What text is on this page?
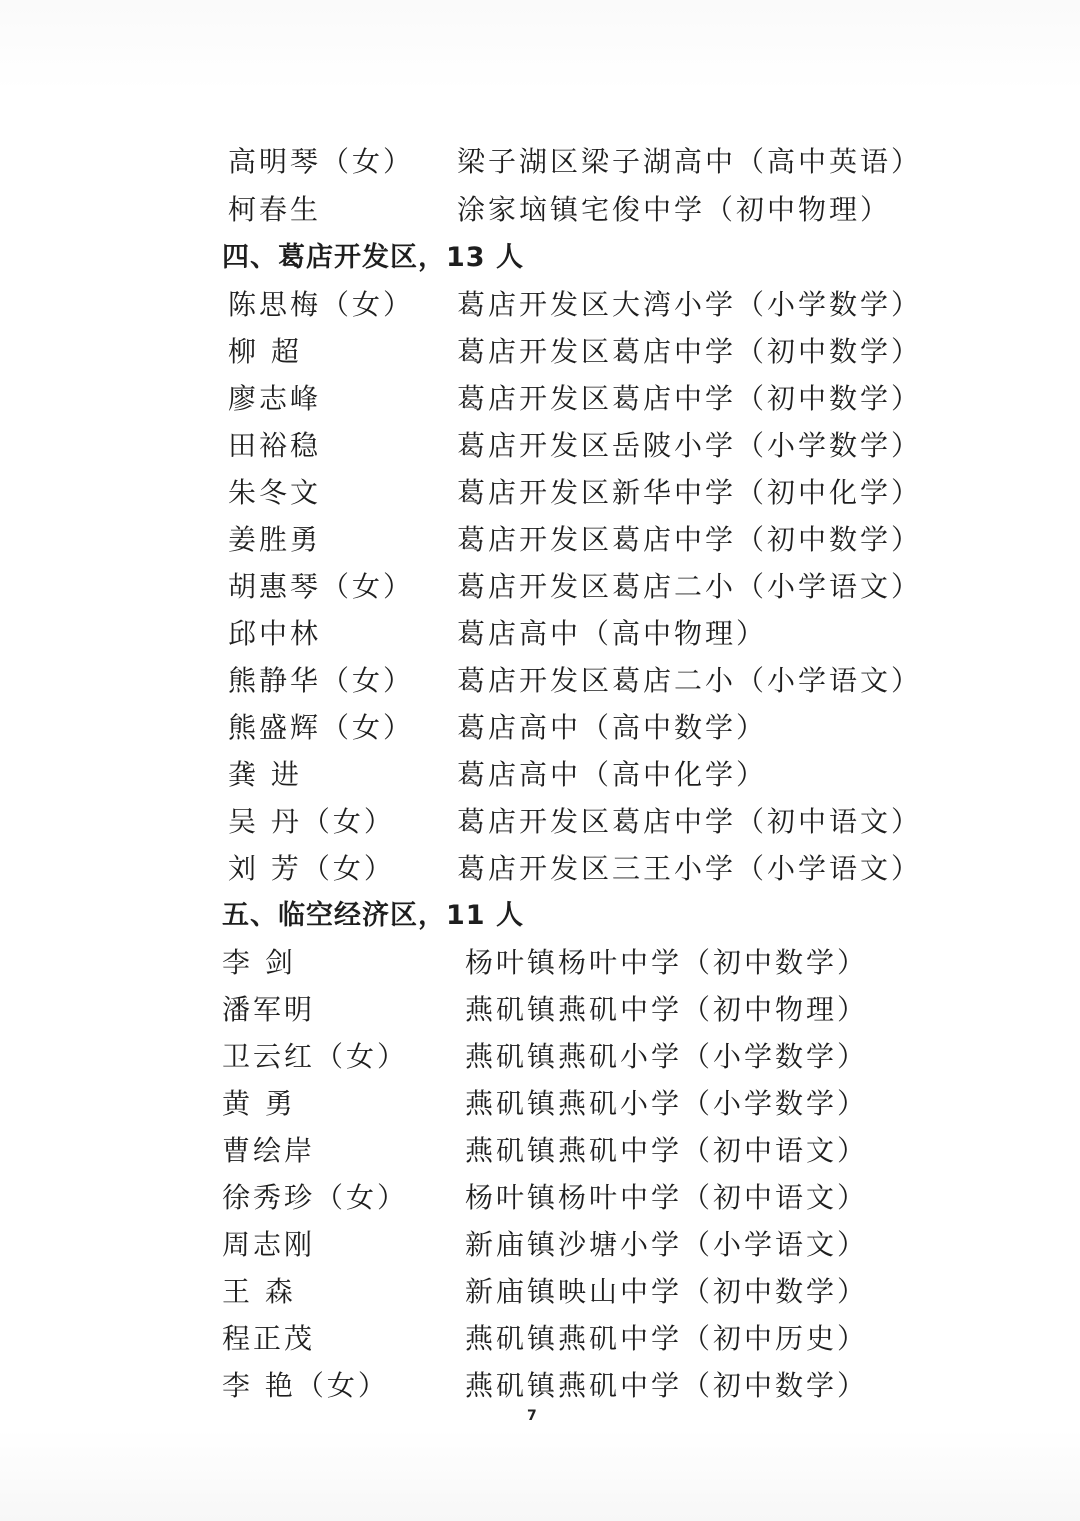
高明琴（女）	梁子湖区梁子湖高中（高中英语）
柯春生	涂家垴镇宅俊中学（初中物理）
四、葛店开发区，13 人
陈思梅（女）	葛店开发区大湾小学（小学数学）
柳 超	葛店开发区葛店中学（初中数学）
廖志峰	葛店开发区葛店中学（初中数学）
田裕稳	葛店开发区岳陂小学（小学数学）
朱冬文	葛店开发区新华中学（初中化学）
姜胜勇	葛店开发区葛店中学（初中数学）
胡惠琴（女）	葛店开发区葛店二小（小学语文）
邱中林	葛店高中（高中物理）
熊静华（女）	葛店开发区葛店二小（小学语文）
熊盛辉（女）	葛店高中（高中数学）
龚 进	葛店高中（高中化学）
吴 丹（女）	葛店开发区葛店中学（初中语文）
刘 芳（女）	葛店开发区三王小学（小学语文）
五、临空经济区，11 人
李 剑	杨叶镇杨叶中学（初中数学）
潘军明	燕矶镇燕矶中学（初中物理）
卫云红（女）	燕矶镇燕矶小学（小学数学）
黄 勇	燕矶镇燕矶小学（小学数学）
曹绘岸	燕矶镇燕矶中学（初中语文）
徐秀珍（女）	杨叶镇杨叶中学（初中语文）
周志刚	新庙镇沙塘小学（小学语文）
王 森	新庙镇映山中学（初中数学）
程正茂	燕矶镇燕矶中学（初中历史）
李 艳（女）	燕矶镇燕矶中学（初中数学）
7
